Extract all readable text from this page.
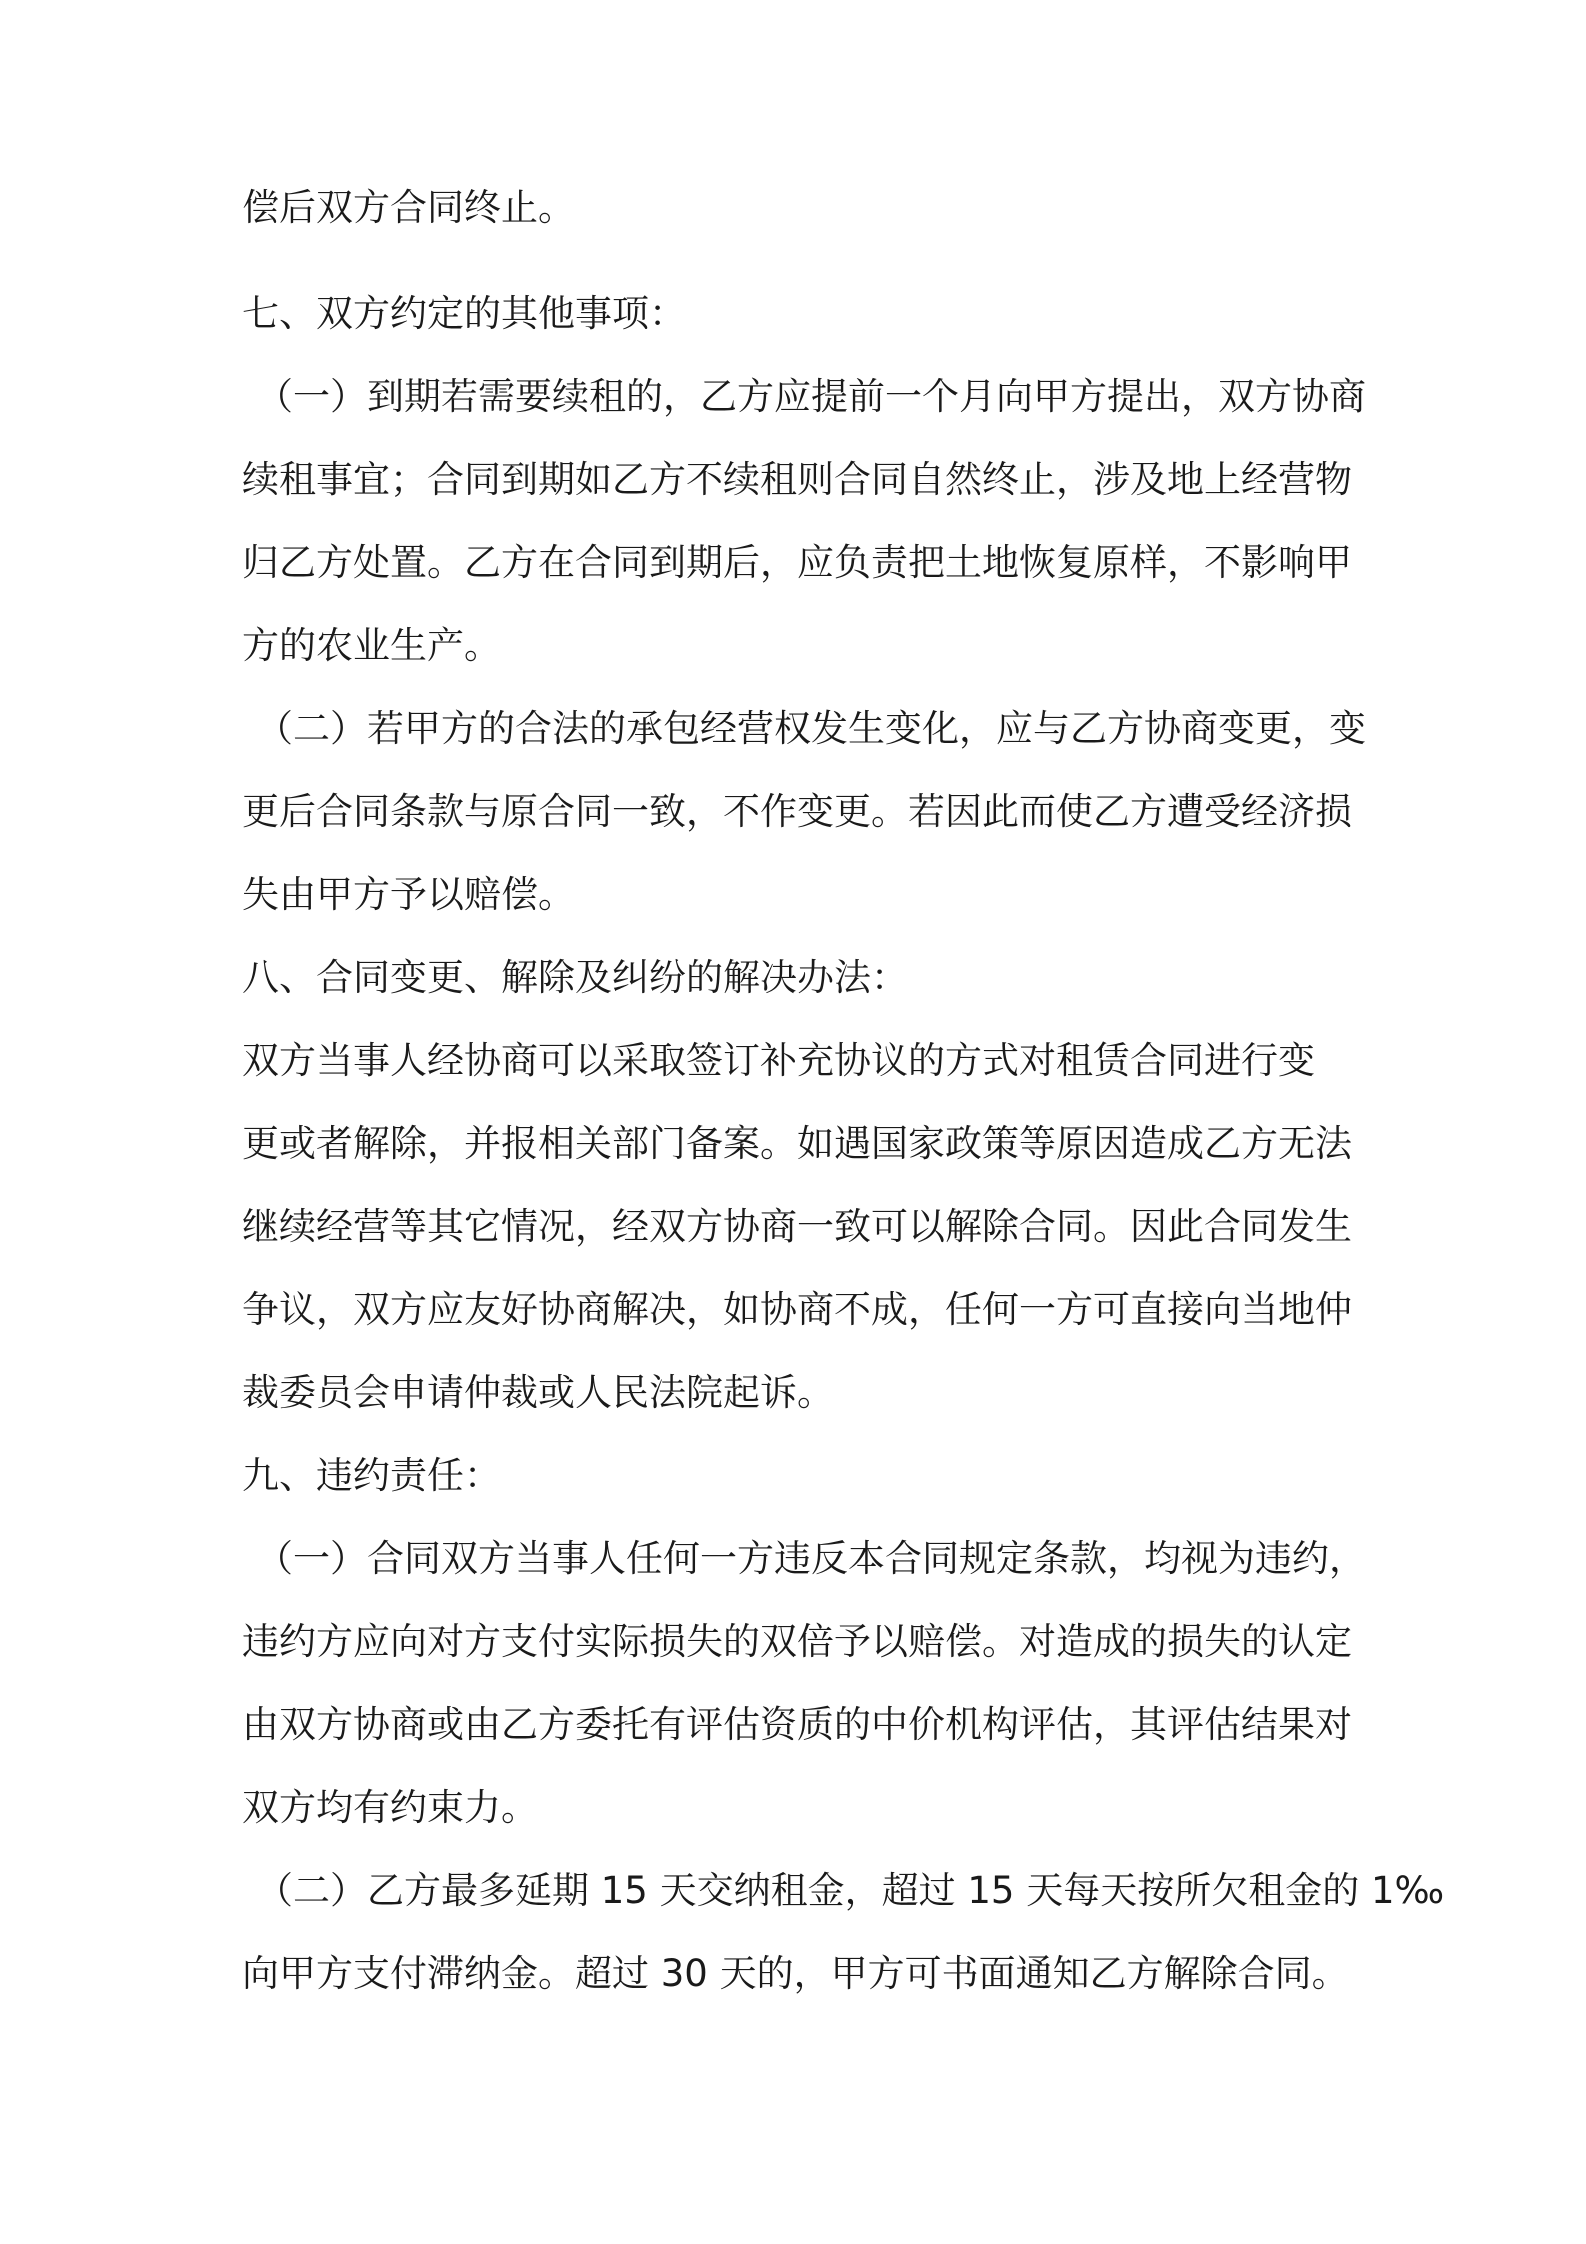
偿后双方合同终止。
七、双方约定的其他事项：
（一）到期若需要续租的，乙方应提前一个月向甲方提出，双方协商
续租事宜；合同到期如乙方不续租则合同自然终止，涉及地上经营物
归乙方处置。乙方在合同到期后，应负责把土地恢复原样，不影响甲
方的农业生产。
（二）若甲方的合法的承包经营权发生变化，应与乙方协商变更，变
更后合同条款与原合同一致，不作变更。若因此而使乙方遭受经济损
失由甲方予以赔偿。
八、合同变更、解除及纠纷的解决办法：
双方当事人经协商可以采取签订补充协议的方式对租赁合同进行变
更或者解除，并报相关部门备案。如遇国家政策等原因造成乙方无法
继续经营等其它情况，经双方协商一致可以解除合同。因此合同发生
争议，双方应友好协商解决，如协商不成，任何一方可直接向当地仲
裁委员会申请仲裁或人民法院起诉。
九、违约责任：
（一）合同双方当事人任何一方违反本合同规定条款，均视为违约，
违约方应向对方支付实际损失的双倍予以赔偿。对造成的损失的认定
由双方协商或由乙方委托有评估资质的中价机构评估，其评估结果对
双方均有约束力。
（二）乙方最多延期 15 天交纳租金，超过 15 天每天按所欠租金的 1‰
向甲方支付滞纳金。超过 30 天的，甲方可书面通知乙方解除合同。
